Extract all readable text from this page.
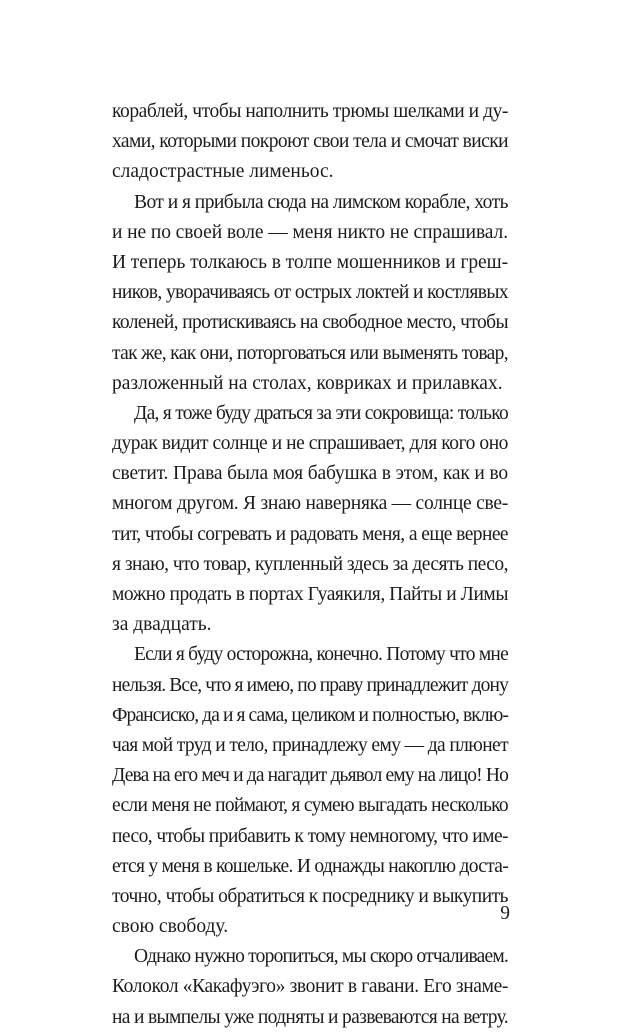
кораблей, чтобы наполнить трюмы шелками и ду-
хами, которыми покроют свои тела и смочат виски
сладострастные лименьос.
Вот и я прибыла сюда на лимском корабле, хоть
и не по своей воле — меня никто не спрашивал.
И теперь толкаюсь в толпе мошенников и греш-
ников, уворачиваясь от острых локтей и костлявых
коленей, протискиваясь на свободное место, чтобы
так же, как они, поторговаться или выменять товар,
разложенный на столах, ковриках и прилавках.
Да, я тоже буду драться за эти сокровища: только
дурак видит солнце и не спрашивает, для кого оно
светит. Права была моя бабушка в этом, как и во
многом другом. Я знаю наверняка — солнце све-
тит, чтобы согревать и радовать меня, а еще вернее
я знаю, что товар, купленный здесь за десять песо,
можно продать в портах Гуаякиля, Пайты и Лимы
за двадцать.
Если я буду осторожна, конечно. Потому что мне
нельзя. Все, что я имею, по праву принадлежит дону
Франсиско, да и я сама, целиком и полностью, вклю-
чая мой труд и тело, принадлежу ему — да плюнет
Дева на его меч и да нагадит дьявол ему на лицо! Но
если меня не поймают, я сумею выгадать несколько
песо, чтобы прибавить к тому немногому, что име-
ется у меня в кошельке. И однажды накоплю доста-
точно, чтобы обратиться к посреднику и выкупить
свою свободу.
Однако нужно торопиться, мы скоро отчаливаем.
Колокол «Какафуэго» звонит в гавани. Его знаме-
на и вымпелы уже подняты и развеваются на ветру.
9
